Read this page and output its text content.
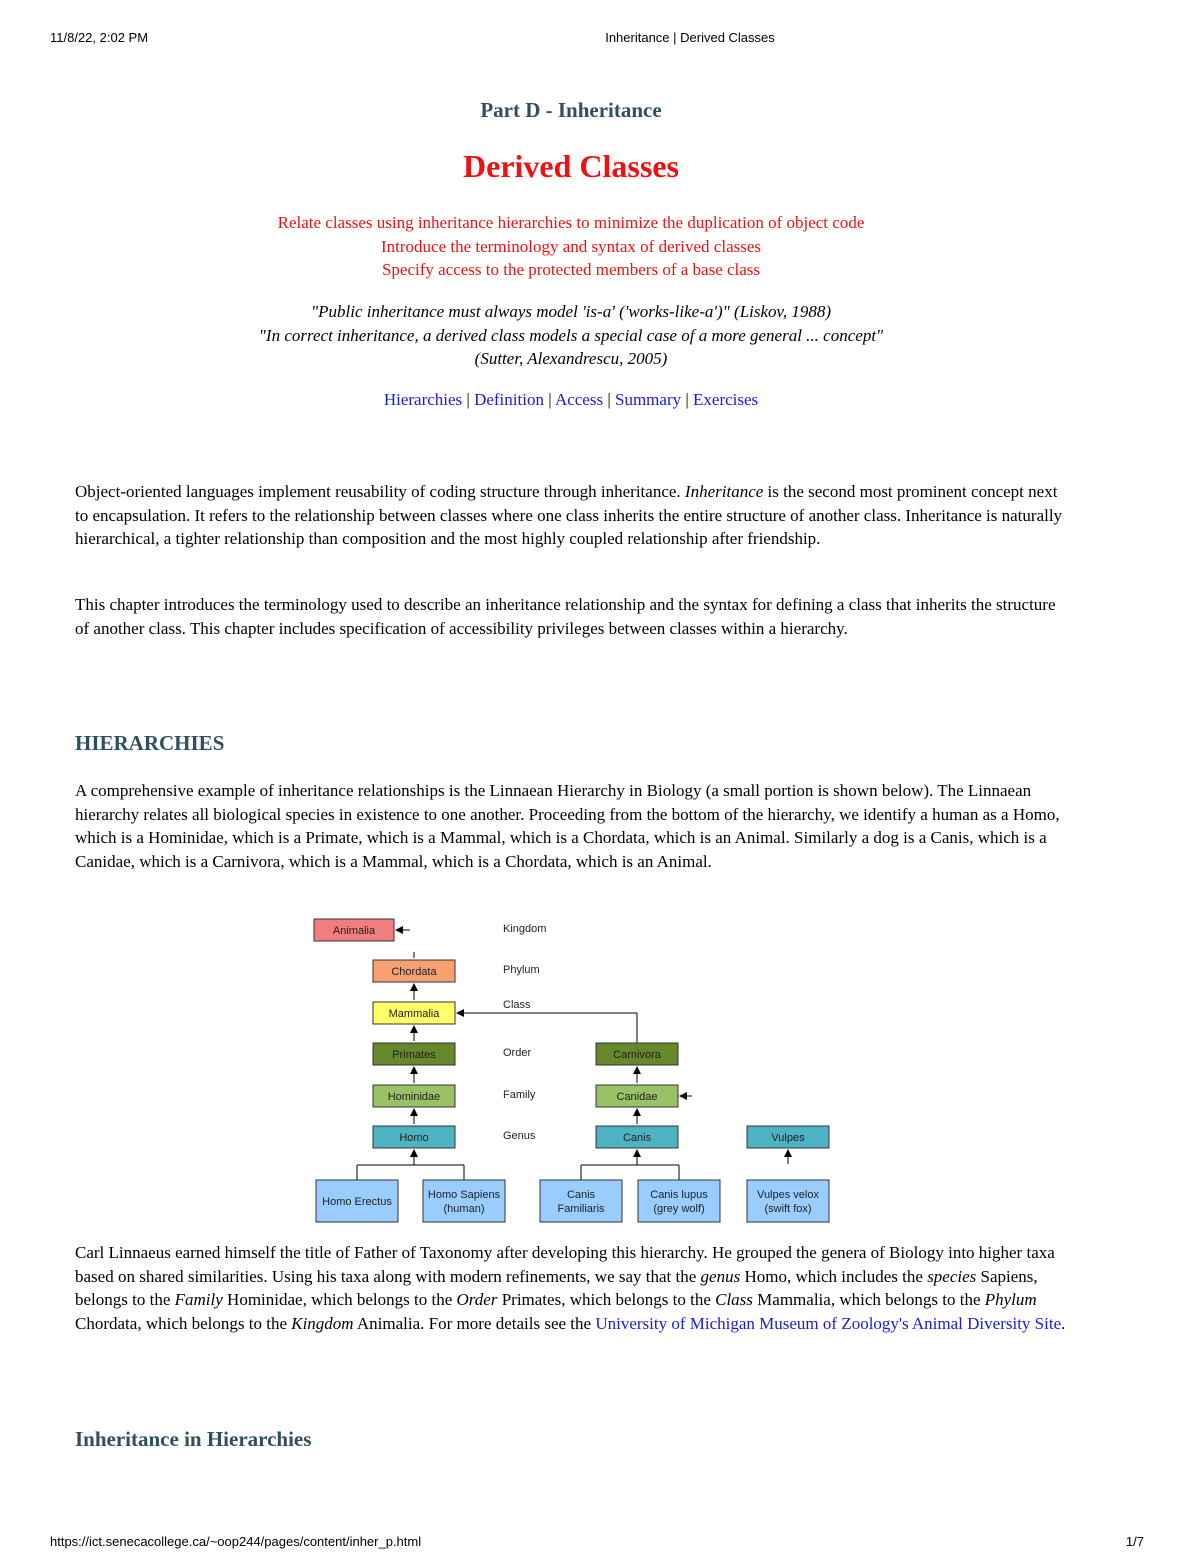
11/8/22, 2:02 PM	Inheritance | Derived Classes
Part D - Inheritance
Derived Classes
Relate classes using inheritance hierarchies to minimize the duplication of object code
Introduce the terminology and syntax of derived classes
Specify access to the protected members of a base class
"Public inheritance must always model 'is-a' ('works-like-a')" (Liskov, 1988)
"In correct inheritance, a derived class models a special case of a more general ... concept"
(Sutter, Alexandrescu, 2005)
Hierarchies | Definition | Access | Summary | Exercises

Object-oriented languages implement reusability of coding structure through inheritance. Inheritance is the second most prominent concept next to encapsulation. It refers to the relationship between classes where one class inherits the entire structure of another class. Inheritance is naturally hierarchical, a tighter relationship than composition and the most highly coupled relationship after friendship.

This chapter introduces the terminology used to describe an inheritance relationship and the syntax for defining a class that inherits the structure of another class. This chapter includes specification of accessibility privileges between classes within a hierarchy.

HIERARCHIES

A comprehensive example of inheritance relationships is the Linnaean Hierarchy in Biology (a small portion is shown below). The Linnaean hierarchy relates all biological species in existence to one another. Proceeding from the bottom of the hierarchy, we identify a human as a Homo, which is a Hominidae, which is a Primate, which is a Mammal, which is a Chordata, which is an Animal. Similarly a dog is a Canis, which is a Canidae, which is a Carnivora, which is a Mammal, which is a Chordata, which is an Animal.

Carl Linnaeus earned himself the title of Father of Taxonomy after developing this hierarchy. He grouped the genera of Biology into higher taxa based on shared similarities. Using his taxa along with modern refinements, we say that the genus Homo, which includes the species Sapiens, belongs to the Family Hominidae, which belongs to the Order Primates, which belongs to the Class Mammalia, which belongs to the Phylum Chordata, which belongs to the Kingdom Animalia. For more details see the University of Michigan Museum of Zoology's Animal Diversity Site.

Inheritance in Hierarchies
Animalia
Chordata
Mammalia
Primates	Carnivora
Hominidae	Canidae
Homo	Canis	Vulpes
Homo Erectus
Homo Sapiens
(human)
Canis
Familiaris
Canis lupus
(grey wolf)
Vulpes velox
(swift fox)
Kingdom
Phylum
Class
Order
Family
Genus
https://ict.senecacollege.ca/~oop244/pages/content/inher_p.html	1/7
